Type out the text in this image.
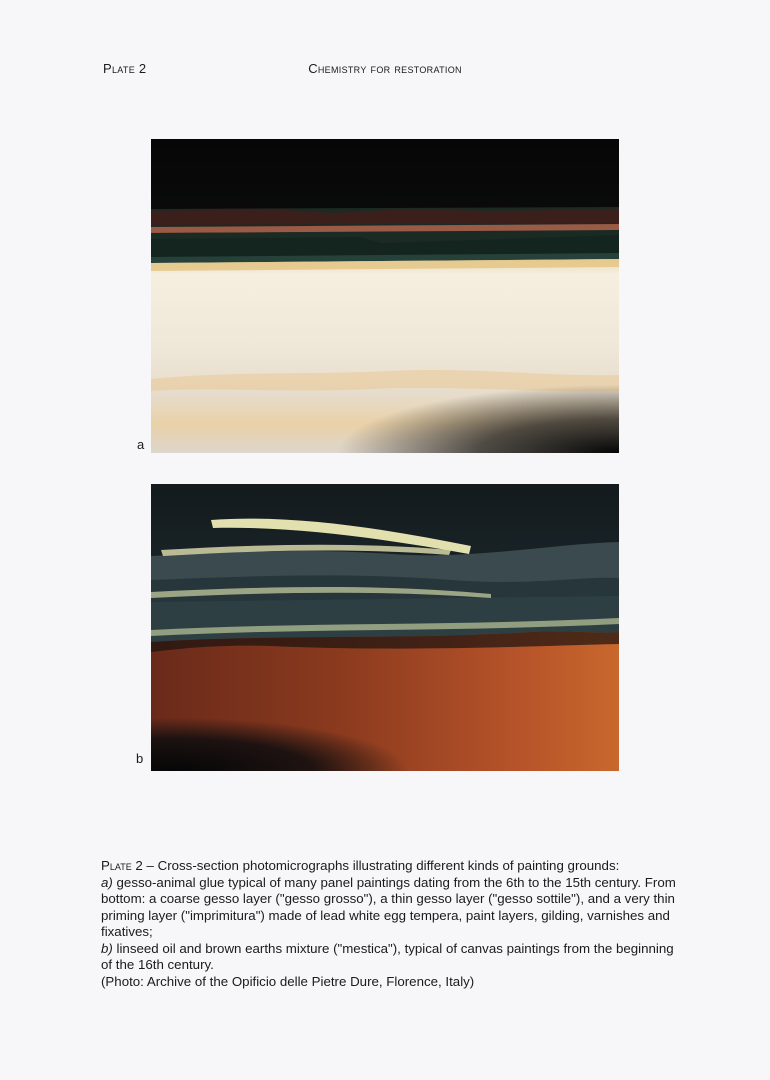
Plate 2	Chemistry for restoration
a
b

Plate 2 – Cross-section photomicrographs illustrating different kinds of painting grounds:

a) gesso-animal glue typical of many panel paintings dating from the 6th to the 15th century. From bottom: a coarse gesso layer ("gesso grosso"), a thin gesso layer ("gesso sottile"), and a very thin priming layer ("imprimitura") made of lead white egg tempera, paint layers, gilding, varnishes and fixatives;

b) linseed oil and brown earths mixture ("mestica"), typical of canvas paintings from the beginning of the 16th century.

(Photo: Archive of the Opificio delle Pietre Dure, Florence, Italy)
